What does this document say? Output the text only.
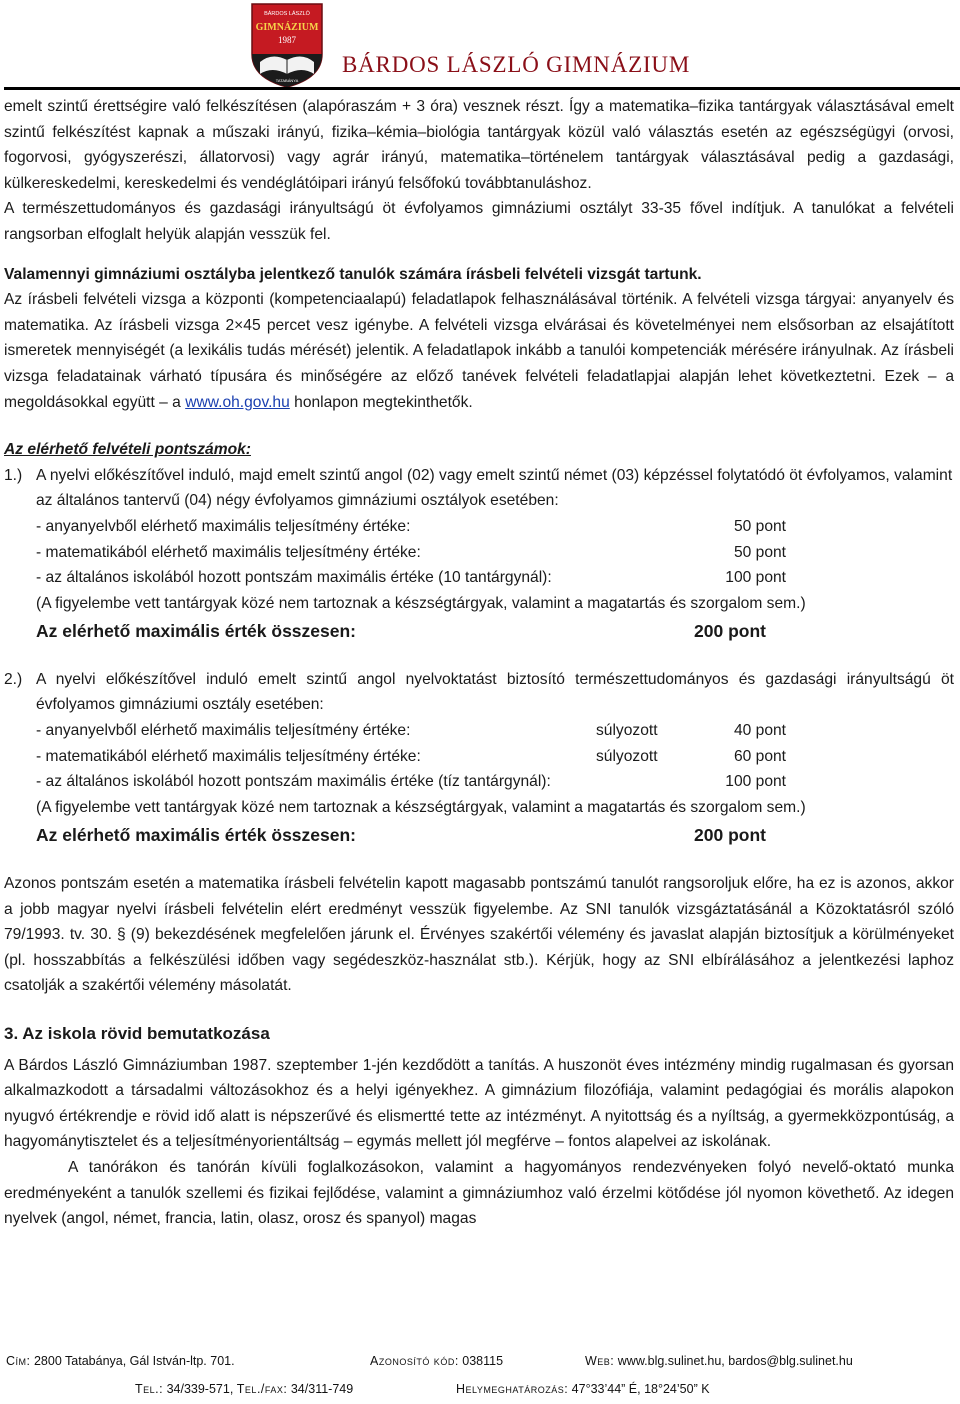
BÁRDOS LÁSZLÓ
GIMNÁZIUM
1987
TATABÁNYA
BÁRDOS LÁSZLÓ GIMNÁZIUM

emelt szintű érettségire való felkészítésen (alapóraszám + 3 óra) vesznek részt. Így a matematika–fizika tantárgyak választásával emelt szintű felkészítést kapnak a műszaki irányú, fizika–kémia–biológia tantárgyak közül való választás esetén az egészségügyi (orvosi, fogorvosi, gyógyszerészi, állatorvosi) vagy agrár irányú, matematika–történelem tantárgyak választásával pedig a gazdasági, külkereskedelmi, kereskedelmi és vendéglátóipari irányú felsőfokú továbbtanuláshoz.

A természettudományos és gazdasági irányultságú öt évfolyamos gimnáziumi osztályt 33-35 fővel indítjuk. A tanulókat a felvételi rangsorban elfoglalt helyük alapján vesszük fel.

Valamennyi gimnáziumi osztályba jelentkező tanulók számára írásbeli felvételi vizsgát tartunk.

Az írásbeli felvételi vizsga a központi (kompetenciaalapú) feladatlapok felhasználásával történik. A felvételi vizsga tárgyai: anyanyelv és matematika. Az írásbeli vizsga 2×45 percet vesz igénybe. A felvételi vizsga elvárásai és követelményei nem elsősorban az elsajátított ismeretek mennyiségét (a lexikális tudás mérését) jelentik. A feladatlapok inkább a tanulói kompetenciák mérésére irányulnak. Az írásbeli vizsga feladatainak várható típusára és minőségére az előző tanévek felvételi feladatlapjai alapján lehet következtetni. Ezek – a megoldásokkal együtt – a www.oh.gov.hu honlapon megtekinthetők.

Az elérhető felvételi pontszámok:

1.) A nyelvi előkészítővel induló, majd emelt szintű angol (02) vagy emelt szintű német (03) képzéssel folytatódó öt évfolyamos, valamint az általános tantervű (04) négy évfolyamos gimnáziumi osztályok esetében:
- anyanyelvből elérhető maximális teljesítmény értéke:	50 pont
- matematikából elérhető maximális teljesítmény értéke:	50 pont
- az általános iskolából hozott pontszám maximális értéke (10 tantárgynál):	100 pont
(A figyelembe vett tantárgyak közé nem tartoznak a készségtárgyak, valamint a magatartás és szorgalom sem.)
Az elérhető maximális érték összesen:	200 pont
2.) A nyelvi előkészítővel induló emelt szintű angol nyelvoktatást biztosító természettudományos és gazdasági irányultságú öt évfolyamos gimnáziumi osztály esetében:
- anyanyelvből elérhető maximális teljesítmény értéke:	súlyozott	40 pont
- matematikából elérhető maximális teljesítmény értéke:	súlyozott	60 pont
- az általános iskolából hozott pontszám maximális értéke (tíz tantárgynál):	100 pont
(A figyelembe vett tantárgyak közé nem tartoznak a készségtárgyak, valamint a magatartás és szorgalom sem.)
Az elérhető maximális érték összesen:	200 pont

Azonos pontszám esetén a matematika írásbeli felvételin kapott magasabb pontszámú tanulót rangsoroljuk előre, ha ez is azonos, akkor a jobb magyar nyelvi írásbeli felvételin elért eredményt vesszük figyelembe. Az SNI tanulók vizsgáztatásánál a Közoktatásról szóló 79/1993. tv. 30. § (9) bekezdésének megfelelően járunk el. Érvényes szakértői vélemény és javaslat alapján biztosítjuk a körülményeket (pl. hosszabbítás a felkészülési időben vagy segédeszköz-használat stb.). Kérjük, hogy az SNI elbírálásához a jelentkezési laphoz csatolják a szakértői vélemény másolatát.

3. Az iskola rövid bemutatkozása

A Bárdos László Gimnáziumban 1987. szeptember 1-jén kezdődött a tanítás. A huszonöt éves intézmény mindig rugalmasan és gyorsan alkalmazkodott a társadalmi változásokhoz és a helyi igényekhez. A gimnázium filozófiája, valamint pedagógiai és morális alapokon nyugvó értékrendje e rövid idő alatt is népszerűvé és elismertté tette az intézményt. A nyitottság és a nyíltság, a gyermekközpontúság, a hagyománytisztelet és a teljesítményorientáltság – egymás mellett jól megférve – fontos alapelvei az iskolának.

A tanórákon és tanórán kívüli foglalkozásokon, valamint a hagyományos rendezvényeken folyó nevelő-oktató munka eredményeként a tanulók szellemi és fizikai fejlődése, valamint a gimnáziumhoz való érzelmi kötődése jól nyomon követhető. Az idegen nyelvek (angol, német, francia, latin, olasz, orosz és spanyol) magas

Cím: 2800 Tatabánya, Gál István-ltp. 701.	Azonosító kód: 038115	Web: www.blg.sulinet.hu, bardos@blg.sulinet.hu
Tel.: 34/339-571, Tel./fax: 34/311-749	Helymeghatározás: 47°33’44” É, 18°24’50” K
